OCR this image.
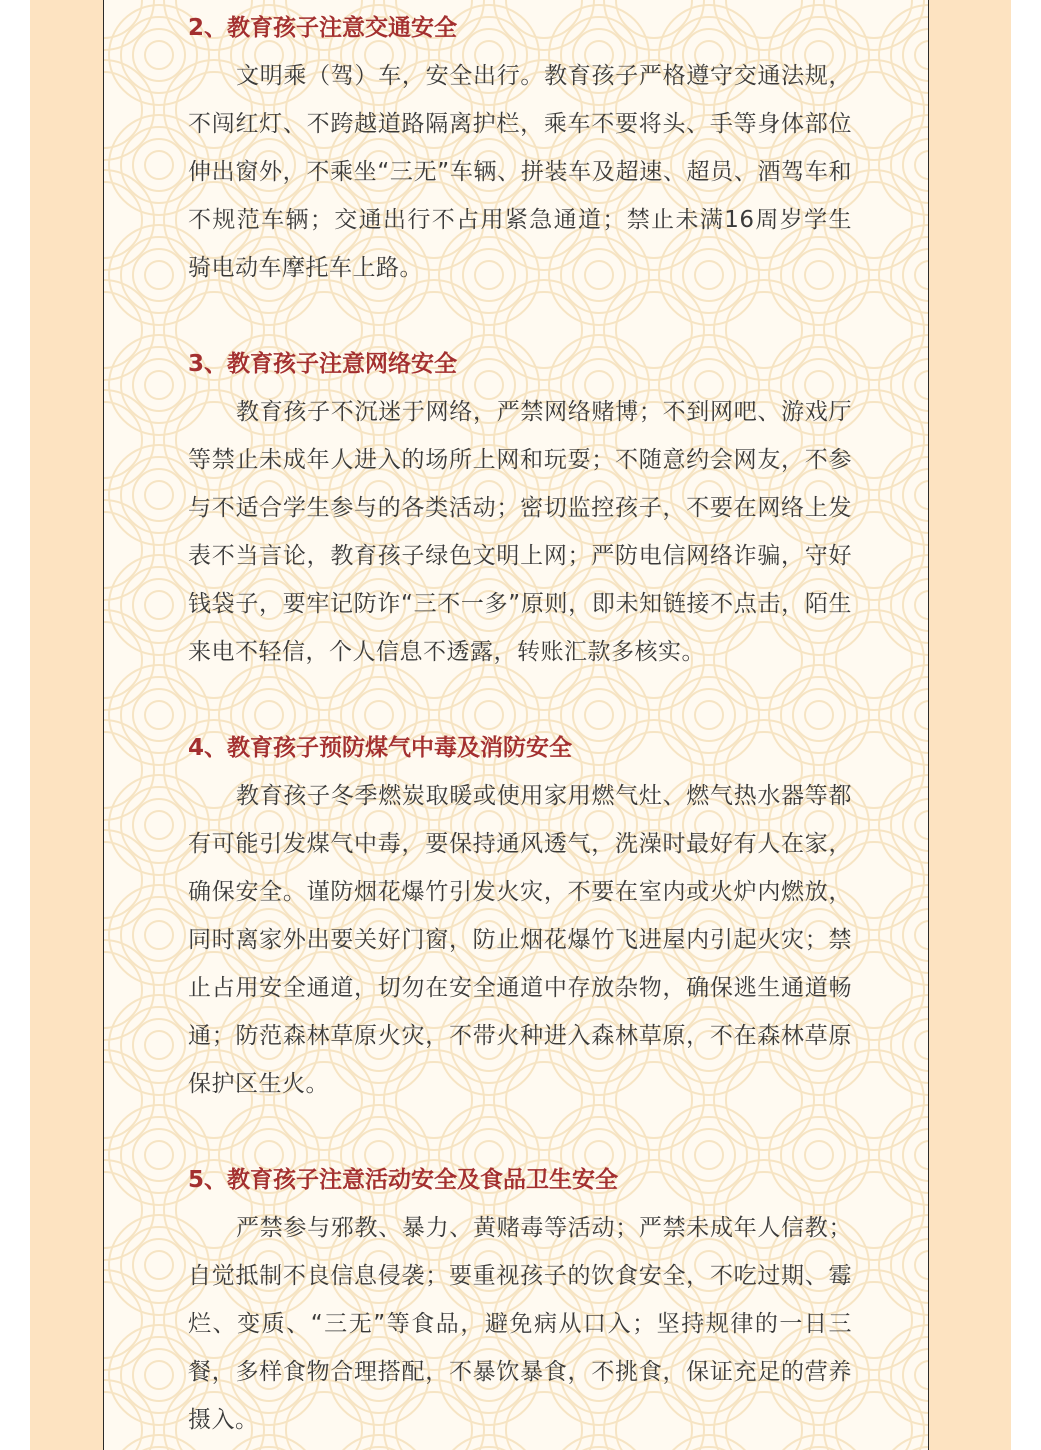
2、教育孩子注意交通安全

文明乘（驾）车，安全出行。教育孩子严格遵守交通法规，不闯红灯、不跨越道路隔离护栏，乘车不要将头、手等身体部位伸出窗外，不乘坐“三无”车辆、拼装车及超速、超员、酒驾车和不规范车辆；交通出行不占用紧急通道；禁止未满16周岁学生骑电动车摩托车上路。

3、教育孩子注意网络安全

教育孩子不沉迷于网络，严禁网络赌博；不到网吧、游戏厅等禁止未成年人进入的场所上网和玩耍；不随意约会网友，不参与不适合学生参与的各类活动；密切监控孩子，不要在网络上发表不当言论，教育孩子绿色文明上网；严防电信网络诈骗，守好钱袋子，要牢记防诈“三不一多”原则，即未知链接不点击，陌生来电不轻信，个人信息不透露，转账汇款多核实。

4、教育孩子预防煤气中毒及消防安全

教育孩子冬季燃炭取暖或使用家用燃气灶、燃气热水器等都有可能引发煤气中毒，要保持通风透气，洗澡时最好有人在家，确保安全。谨防烟花爆竹引发火灾，不要在室内或火炉内燃放，同时离家外出要关好门窗，防止烟花爆竹飞进屋内引起火灾；禁止占用安全通道，切勿在安全通道中存放杂物，确保逃生通道畅通；防范森林草原火灾，不带火种进入森林草原，不在森林草原保护区生火。

5、教育孩子注意活动安全及食品卫生安全

严禁参与邪教、暴力、黄赌毒等活动；严禁未成年人信教；自觉抵制不良信息侵袭；要重视孩子的饮食安全，不吃过期、霉烂、变质、“三无”等食品，避免病从口入；坚持规律的一日三餐，多样食物合理搭配，不暴饮暴食，不挑食，保证充足的营养摄入。
